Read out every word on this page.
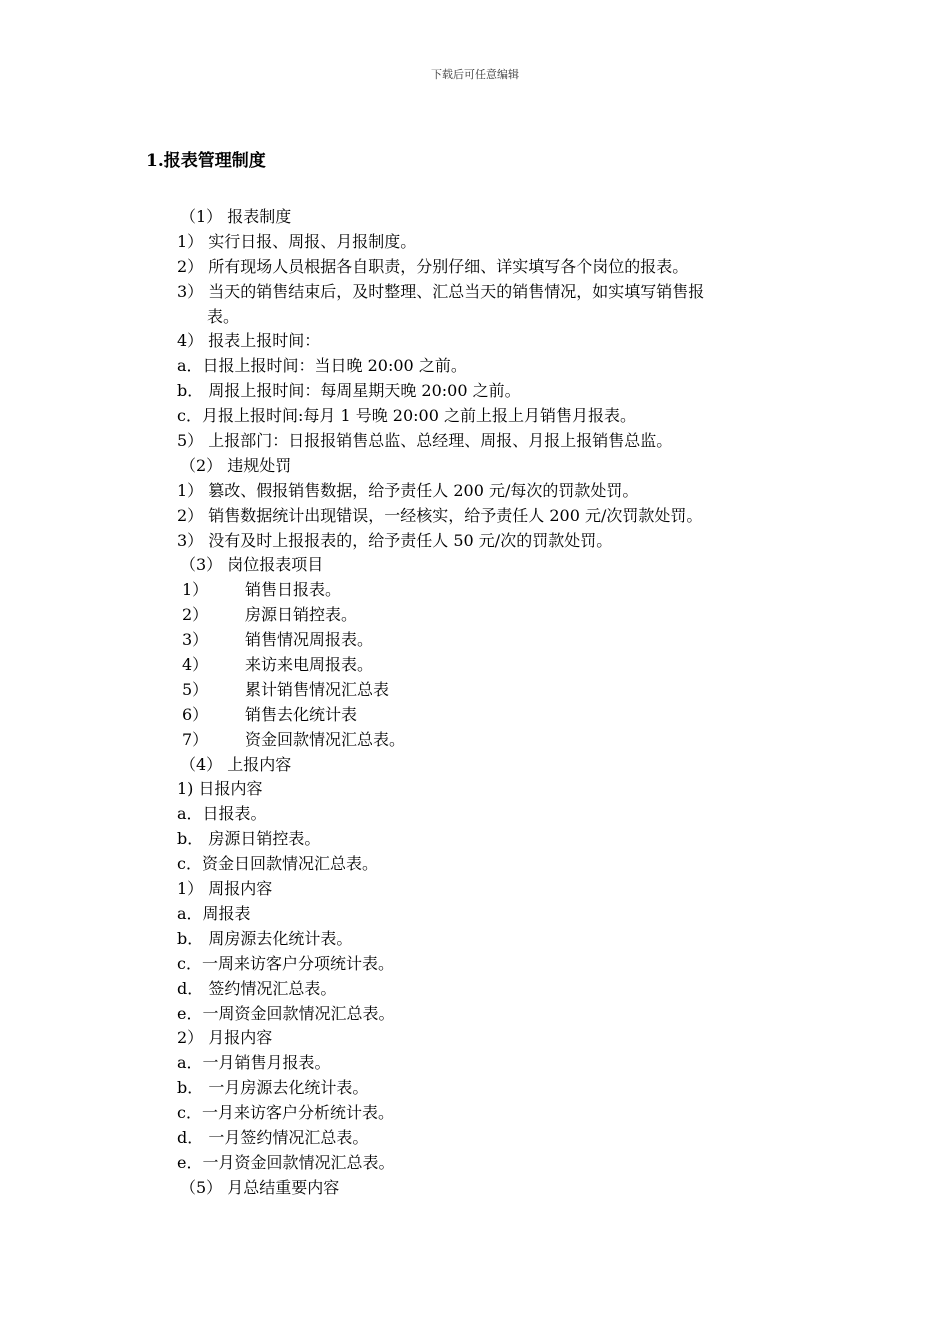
下载后可任意编辑
1.报表管理制度
（1） 报表制度
1） 实行日报、周报、月报制度。
2） 所有现场人员根据各自职责，分别仔细、详实填写各个岗位的报表。
3） 当天的销售结束后，及时整理、汇总当天的销售情况，如实填写销售报
表。
4） 报表上报时间：
a．日报上报时间：当日晚 20:00 之前。
b． 周报上报时间：每周星期天晚 20:00 之前。
c．月报上报时间:每月 1 号晚 20:00 之前上报上月销售月报表。
5） 上报部门：日报报销售总监、总经理、周报、月报上报销售总监。
（2） 违规处罚
1） 篡改、假报销售数据，给予责任人 200 元/每次的罚款处罚。
2） 销售数据统计出现错误，一经核实，给予责任人 200 元/次罚款处罚。
3） 没有及时上报报表的，给予责任人 50 元/次的罚款处罚。
（3） 岗位报表项目
1） 销售日报表。
2） 房源日销控表。
3） 销售情况周报表。
4） 来访来电周报表。
5） 累计销售情况汇总表
6） 销售去化统计表
7） 资金回款情况汇总表。
（4） 上报内容
1) 日报内容
a．日报表。
b． 房源日销控表。
c．资金日回款情况汇总表。
1） 周报内容
a．周报表
b． 周房源去化统计表。
c．一周来访客户分项统计表。
d． 签约情况汇总表。
e．一周资金回款情况汇总表。
2） 月报内容
a．一月销售月报表。
b． 一月房源去化统计表。
c．一月来访客户分析统计表。
d． 一月签约情况汇总表。
e．一月资金回款情况汇总表。
（5） 月总结重要内容
